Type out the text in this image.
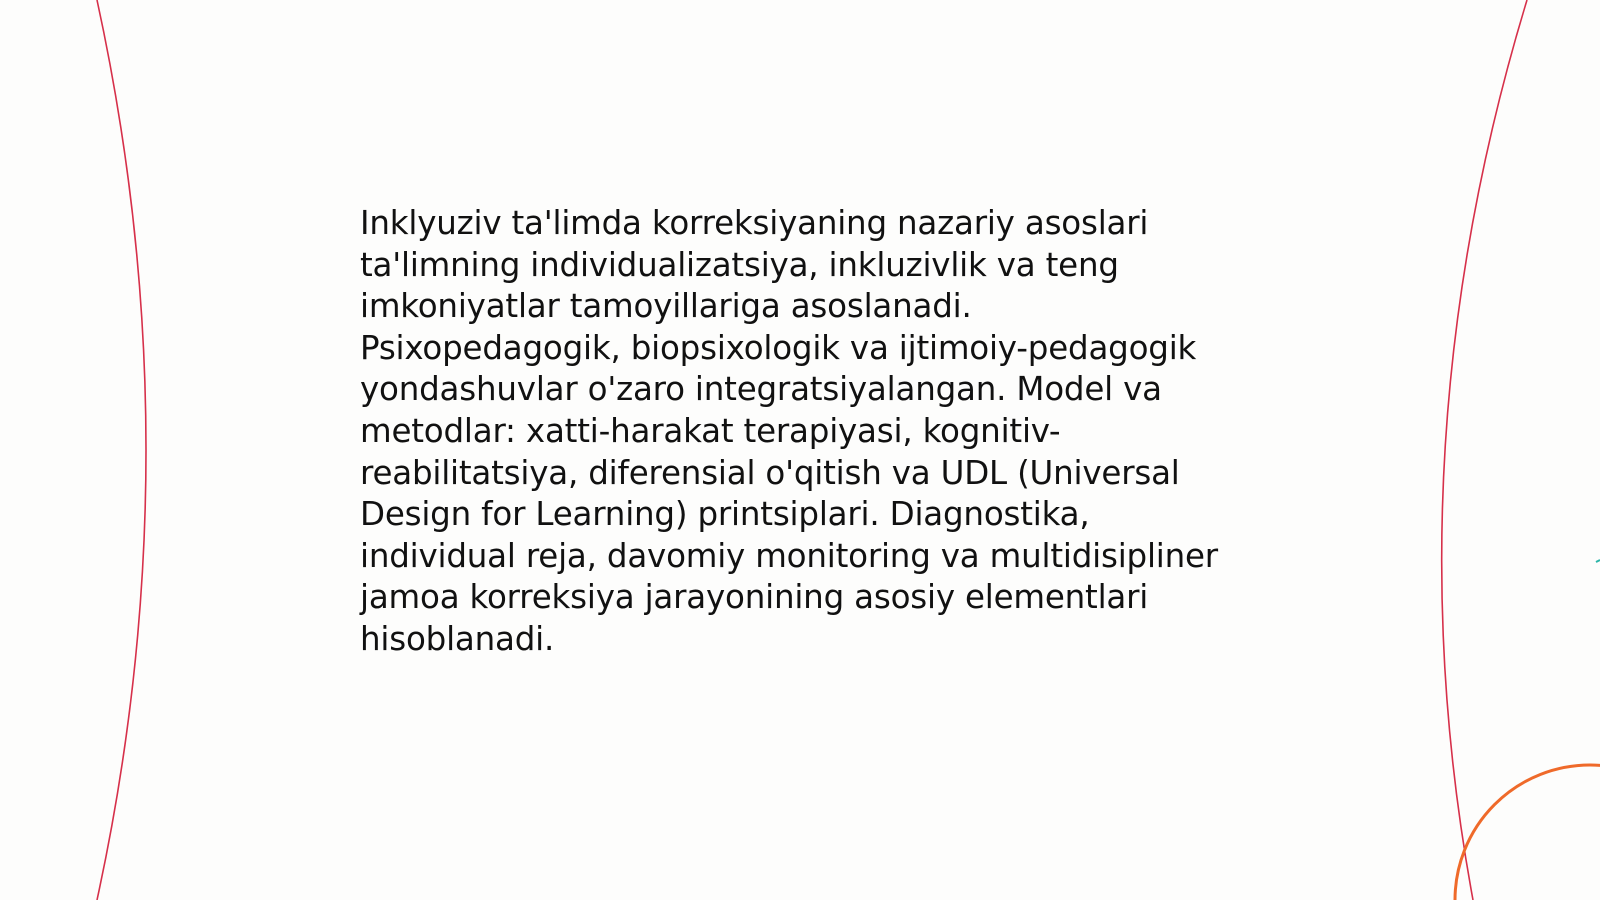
Inklyuziv ta'limda korreksiyaning nazariy asoslari ta'limning individualizatsiya, inkluzivlik va teng imkoniyatlar tamoyillariga asoslanadi. Psixopedagogik, biopsixologik va ijtimoiy-pedagogik yondashuvlar o'zaro integratsiyalangan. Model va metodlar: xatti-harakat terapiyasi, kognitiv-reabilitatsiya, diferensial o'qitish va UDL (Universal Design for Learning) printsiplari. Diagnostika, individual reja, davomiy monitoring va multidisipliner jamoa korreksiya jarayonining asosiy elementlari hisoblanadi.
